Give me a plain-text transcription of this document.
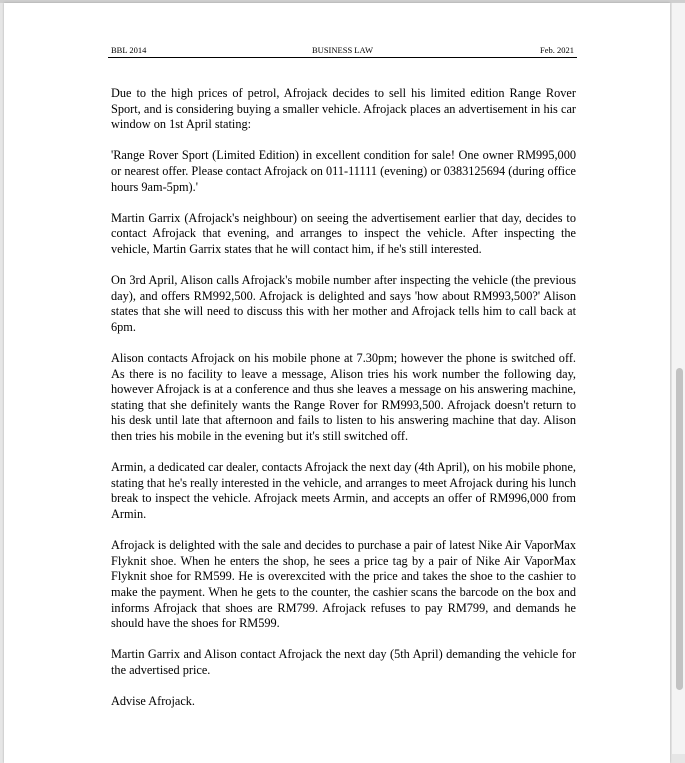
BBL 2014	BUSINESS LAW	Feb. 2021

Due to the high prices of petrol, Afrojack decides to sell his limited edition Range Rover Sport, and is considering buying a smaller vehicle. Afrojack places an advertisement in his car window on 1st April stating:

'Range Rover Sport (Limited Edition) in excellent condition for sale! One owner RM995,000 or nearest offer. Please contact Afrojack on 011-11111 (evening) or 0383125694 (during office hours 9am-5pm).'

Martin Garrix (Afrojack's neighbour) on seeing the advertisement earlier that day, decides to contact Afrojack that evening, and arranges to inspect the vehicle. After inspecting the vehicle, Martin Garrix states that he will contact him, if he's still interested.

On 3rd April, Alison calls Afrojack's mobile number after inspecting the vehicle (the previous day), and offers RM992,500. Afrojack is delighted and says 'how about RM993,500?' Alison states that she will need to discuss this with her mother and Afrojack tells him to call back at 6pm.

Alison contacts Afrojack on his mobile phone at 7.30pm; however the phone is switched off. As there is no facility to leave a message, Alison tries his work number the following day, however Afrojack is at a conference and thus she leaves a message on his answering machine, stating that she definitely wants the Range Rover for RM993,500. Afrojack doesn't return to his desk until late that afternoon and fails to listen to his answering machine that day. Alison then tries his mobile in the evening but it's still switched off.

Armin, a dedicated car dealer, contacts Afrojack the next day (4th April), on his mobile phone, stating that he's really interested in the vehicle, and arranges to meet Afrojack during his lunch break to inspect the vehicle. Afrojack meets Armin, and accepts an offer of RM996,000 from Armin.

Afrojack is delighted with the sale and decides to purchase a pair of latest Nike Air VaporMax Flyknit shoe. When he enters the shop, he sees a price tag by a pair of Nike Air VaporMax Flyknit shoe for RM599. He is overexcited with the price and takes the shoe to the cashier to make the payment. When he gets to the counter, the cashier scans the barcode on the box and informs Afrojack that shoes are RM799. Afrojack refuses to pay RM799, and demands he should have the shoes for RM599.

Martin Garrix and Alison contact Afrojack the next day (5th April) demanding the vehicle for the advertised price.

Advise Afrojack.
